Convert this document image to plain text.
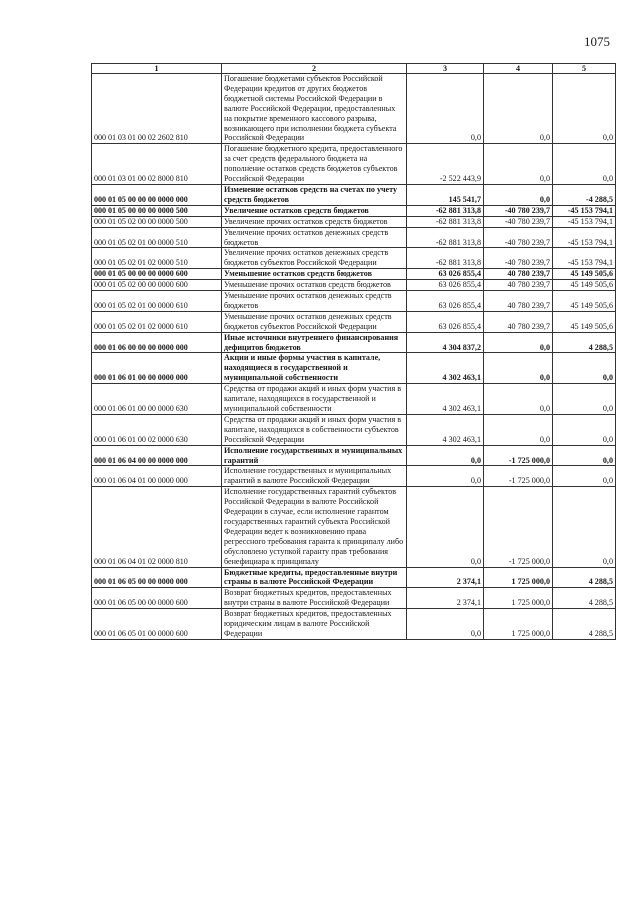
1075
1	2	3	4	5
000 01 03 01 00 02 2602 810	Погашение бюджетами субъектов Российской Федерации кредитов от других бюджетов бюджетной системы Российской Федерации в валюте Российской Федерации, предоставленных на покрытие временного кассового разрыва, возникающего при исполнении бюджета субъекта Российской Федерации	0,0	0,0	0,0
000 01 03 01 00 02 8000 810	Погашение бюджетного кредита, предоставленного за счет средств федерального бюджета на пополнение остатков средств бюджетов субъектов Российской Федерации	-2 522 443,9	0,0	0,0
000 01 05 00 00 00 0000 000	Изменение остатков средств на счетах по учету средств бюджетов	145 541,7	0,0	-4 288,5
000 01 05 00 00 00 0000 500	Увеличение остатков средств бюджетов	-62 881 313,8	-40 780 239,7	-45 153 794,1
000 01 05 02 00 00 0000 500	Увеличение прочих остатков средств бюджетов	-62 881 313,8	-40 780 239,7	-45 153 794,1
000 01 05 02 01 00 0000 510	Увеличение прочих остатков денежных средств бюджетов	-62 881 313,8	-40 780 239,7	-45 153 794,1
000 01 05 02 01 02 0000 510	Увеличение прочих остатков денежных средств бюджетов субъектов Российской Федерации	-62 881 313,8	-40 780 239,7	-45 153 794,1
000 01 05 00 00 00 0000 600	Уменьшение остатков средств бюджетов	63 026 855,4	40 780 239,7	45 149 505,6
000 01 05 02 00 00 0000 600	Уменьшение прочих остатков средств бюджетов	63 026 855,4	40 780 239,7	45 149 505,6
000 01 05 02 01 00 0000 610	Уменьшение прочих остатков денежных средств бюджетов	63 026 855,4	40 780 239,7	45 149 505,6
000 01 05 02 01 02 0000 610	Уменьшение прочих остатков денежных средств бюджетов субъектов Российской Федерации	63 026 855,4	40 780 239,7	45 149 505,6
000 01 06 00 00 00 0000 000	Иные источники внутреннего финансирования дефицитов бюджетов	4 304 837,2	0,0	4 288,5
000 01 06 01 00 00 0000 000	Акции и иные формы участия в капитале, находящиеся в государственной и муниципальной собственности	4 302 463,1	0,0	0,0
000 01 06 01 00 00 0000 630	Средства от продажи акций и иных форм участия в капитале, находящихся в государственной и муниципальной собственности	4 302 463,1	0,0	0,0
000 01 06 01 00 02 0000 630	Средства от продажи акций и иных форм участия в капитале, находящихся в собственности субъектов Российской Федерации	4 302 463,1	0,0	0,0
000 01 06 04 00 00 0000 000	Исполнение государственных и муниципальных гарантий	0,0	-1 725 000,0	0,0
000 01 06 04 01 00 0000 000	Исполнение государственных и муниципальных гарантий в валюте Российской Федерации	0,0	-1 725 000,0	0,0
000 01 06 04 01 02 0000 810	Исполнение государственных гарантий субъектов Российской Федерации в валюте Российской Федерации в случае, если исполнение гарантом государственных гарантий субъекта Российской Федерации ведет к возникновению права регрессного требования гаранта к принципалу либо обусловлено уступкой гаранту прав требования бенефициара к принципалу	0,0	-1 725 000,0	0,0
000 01 06 05 00 00 0000 000	Бюджетные кредиты, предоставленные внутри страны в валюте Российской Федерации	2 374,1	1 725 000,0	4 288,5
000 01 06 05 00 00 0000 600	Возврат бюджетных кредитов, предоставленных внутри страны в валюте Российской Федерации	2 374,1	1 725 000,0	4 288,5
000 01 06 05 01 00 0000 600	Возврат бюджетных кредитов, предоставленных юридическим лицам в валюте Российской Федерации	0,0	1 725 000,0	4 288,5
